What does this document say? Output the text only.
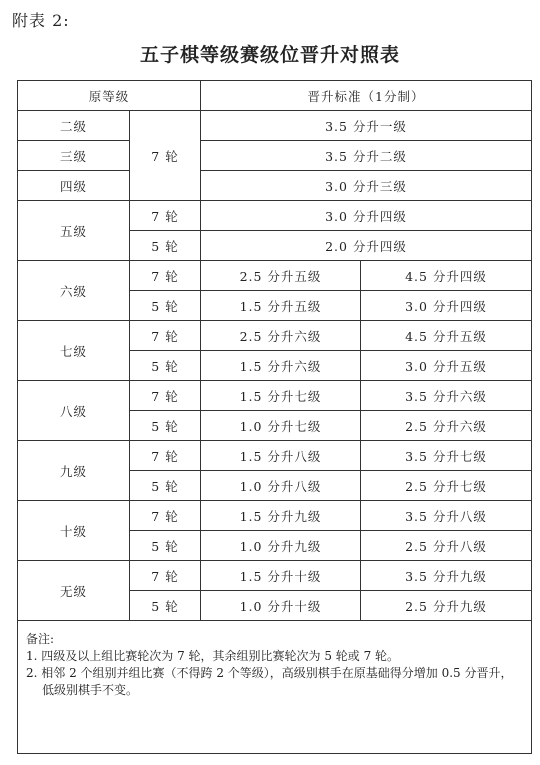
附表 2:
五子棋等级赛级位晋升对照表
原等级		晋升标准（1分制）	
二级	7 轮	3.5 分升一级	
三级		3.5 分升二级	
四级		3.0 分升三级	
五级	7 轮	3.0 分升四级	
	5 轮	2.0 分升四级	
六级	7 轮	2.5 分升五级	4.5 分升四级
	5 轮	1.5 分升五级	3.0 分升四级
七级	7 轮	2.5 分升六级	4.5 分升五级
	5 轮	1.5 分升六级	3.0 分升五级
八级	7 轮	1.5 分升七级	3.5 分升六级
	5 轮	1.0 分升七级	2.5 分升六级
九级	7 轮	1.5 分升八级	3.5 分升七级
	5 轮	1.0 分升八级	2.5 分升七级
十级	7 轮	1.5 分升九级	3.5 分升八级
	5 轮	1.0 分升九级	2.5 分升八级
无级	7 轮	1.5 分升十级	3.5 分升九级
	5 轮	1.0 分升十级	2.5 分升九级

备注:
1. 四级及以上组比赛轮次为 7 轮，其余组别比赛轮次为 5 轮或 7 轮。
2. 相邻 2 个组别并组比赛（不得跨 2 个等级），高级别棋手在原基础得分增加 0.5 分晋升，低级别棋手不变。			
